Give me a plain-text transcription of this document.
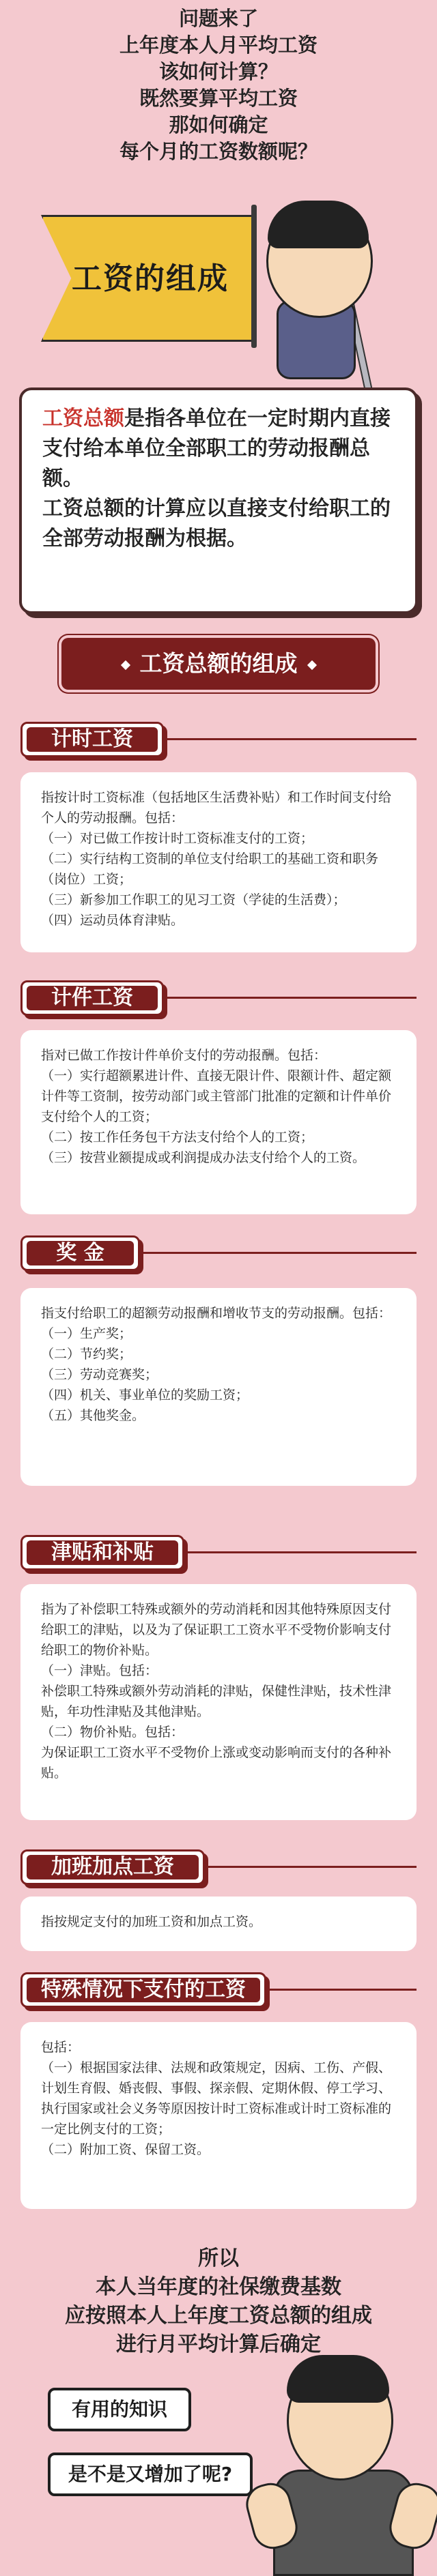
问题来了
上年度本人月平均工资
该如何计算？
既然要算平均工资
那如何确定
每个月的工资数额呢？
工资的组成
工资总额是指各单位在一定时期内直接支付给本单位全部职工的劳动报酬总额。
工资总额的计算应以直接支付给职工的全部劳动报酬为根据。
工资总额的组成
计时工资

指按计时工资标准（包括地区生活费补贴）和工作时间支付给个人的劳动报酬。包括：

（一）对已做工作按计时工资标准支付的工资；

（二）实行结构工资制的单位支付给职工的基础工资和职务（岗位）工资；

（三）新参加工作职工的见习工资（学徒的生活费）；

（四）运动员体育津贴。

计件工资

指对已做工作按计件单价支付的劳动报酬。包括：

（一）实行超额累进计件、直接无限计件、限额计件、超定额计件等工资制，按劳动部门或主管部门批准的定额和计件单价支付给个人的工资；

（二）按工作任务包干方法支付给个人的工资；

（三）按营业额提成或利润提成办法支付给个人的工资。

奖 金

指支付给职工的超额劳动报酬和增收节支的劳动报酬。包括：

（一）生产奖；

（二）节约奖；

（三）劳动竞赛奖；

（四）机关、事业单位的奖励工资；

（五）其他奖金。

津贴和补贴

指为了补偿职工特殊或额外的劳动消耗和因其他特殊原因支付给职工的津贴，以及为了保证职工工资水平不受物价影响支付给职工的物价补贴。

（一）津贴。包括：

补偿职工特殊或额外劳动消耗的津贴，保健性津贴，技术性津贴，年功性津贴及其他津贴。

（二）物价补贴。包括：

为保证职工工资水平不受物价上涨或变动影响而支付的各种补贴。

加班加点工资

指按规定支付的加班工资和加点工资。

特殊情况下支付的工资

包括：

（一）根据国家法律、法规和政策规定，因病、工伤、产假、计划生育假、婚丧假、事假、探亲假、定期休假、停工学习、执行国家或社会义务等原因按计时工资标准或计时工资标准的一定比例支付的工资；

（二）附加工资、保留工资。

所以
本人当年度的社保缴费基数
应按照本人上年度工资总额的组成
进行月平均计算后确定
有用的知识
是不是又增加了呢?
